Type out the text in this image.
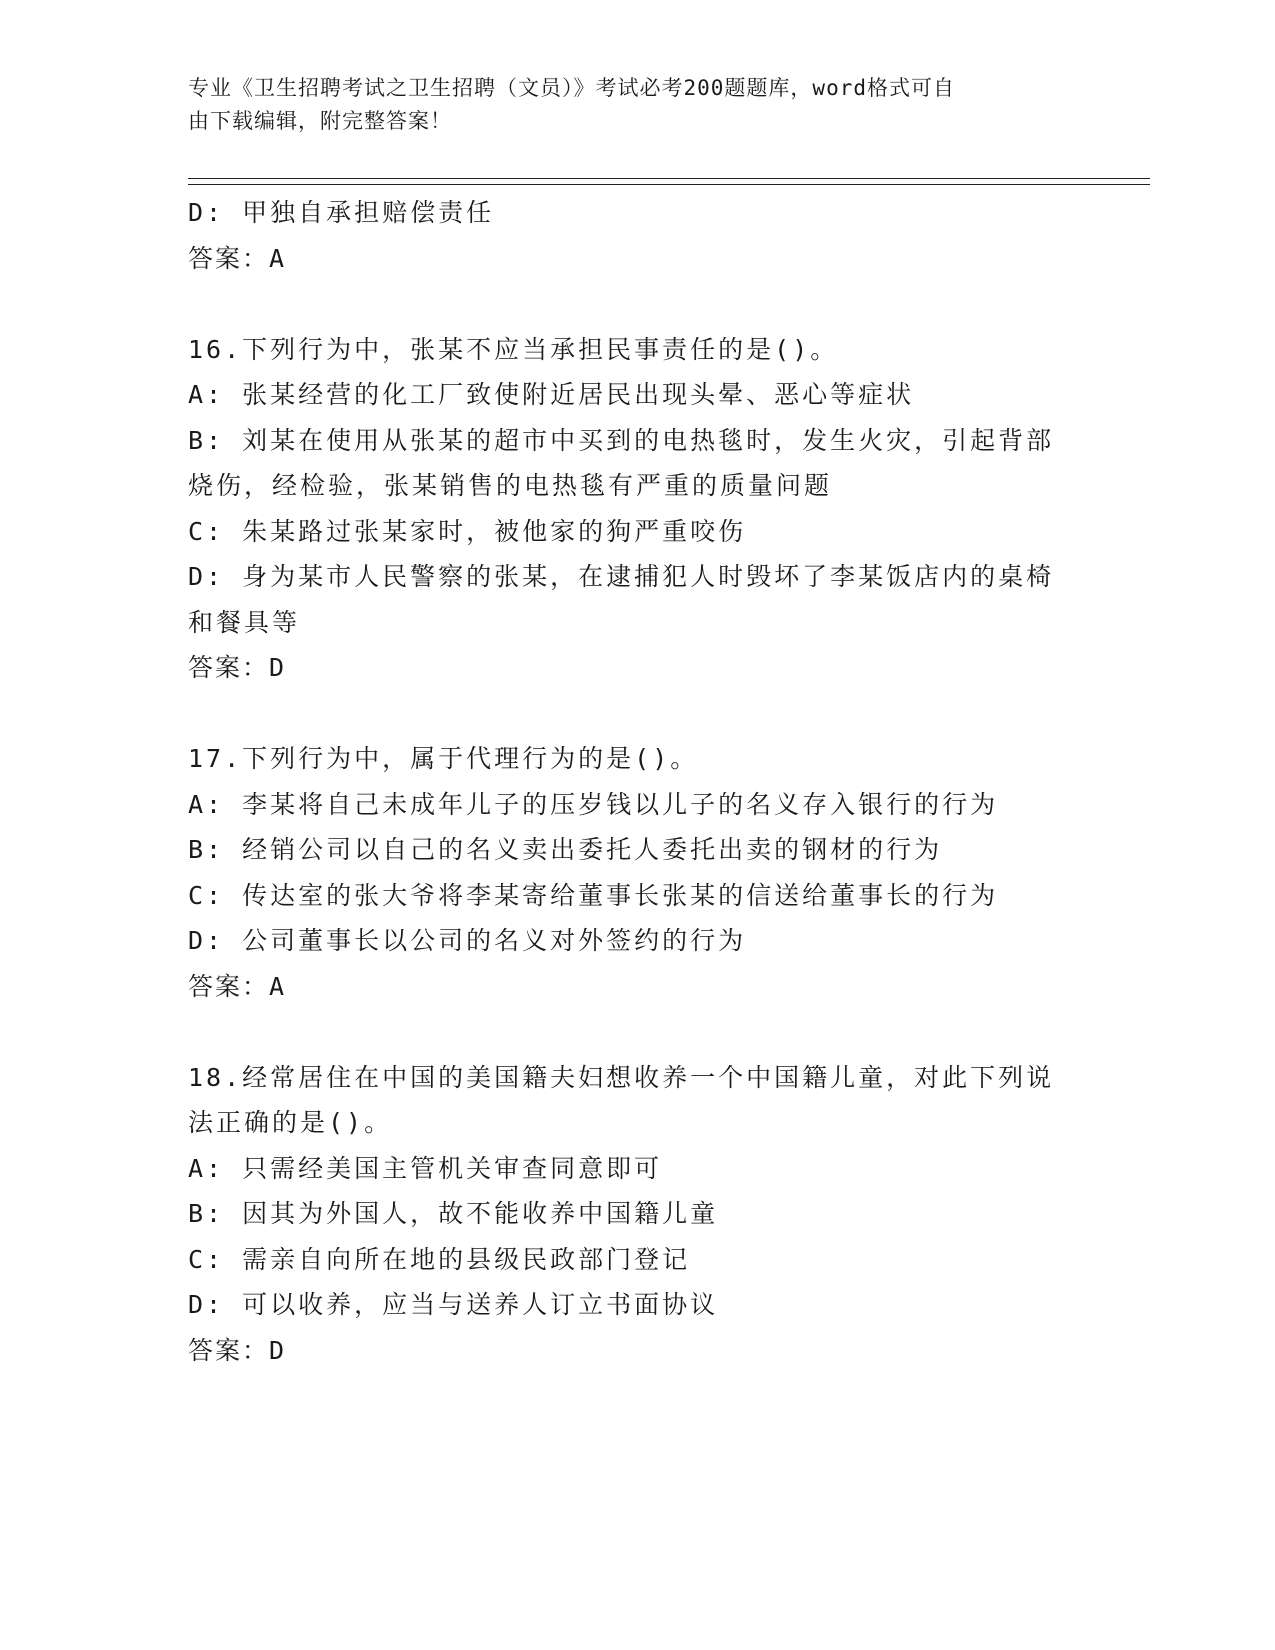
专业《卫生招聘考试之卫生招聘（文员）》考试必考200题题库，word格式可自
由下载编辑，附完整答案！
D: 甲独自承担赔偿责任
答案：A
16.下列行为中，张某不应当承担民事责任的是()。
A: 张某经营的化工厂致使附近居民出现头晕、恶心等症状
B: 刘某在使用从张某的超市中买到的电热毯时，发生火灾，引起背部
烧伤，经检验，张某销售的电热毯有严重的质量问题
C: 朱某路过张某家时，被他家的狗严重咬伤
D: 身为某市人民警察的张某，在逮捕犯人时毁坏了李某饭店内的桌椅
和餐具等
答案：D
17.下列行为中，属于代理行为的是()。
A: 李某将自己未成年儿子的压岁钱以儿子的名义存入银行的行为
B: 经销公司以自己的名义卖出委托人委托出卖的钢材的行为
C: 传达室的张大爷将李某寄给董事长张某的信送给董事长的行为
D: 公司董事长以公司的名义对外签约的行为
答案：A
18.经常居住在中国的美国籍夫妇想收养一个中国籍儿童，对此下列说
法正确的是()。
A: 只需经美国主管机关审查同意即可
B: 因其为外国人，故不能收养中国籍儿童
C: 需亲自向所在地的县级民政部门登记
D: 可以收养，应当与送养人订立书面协议
答案：D
